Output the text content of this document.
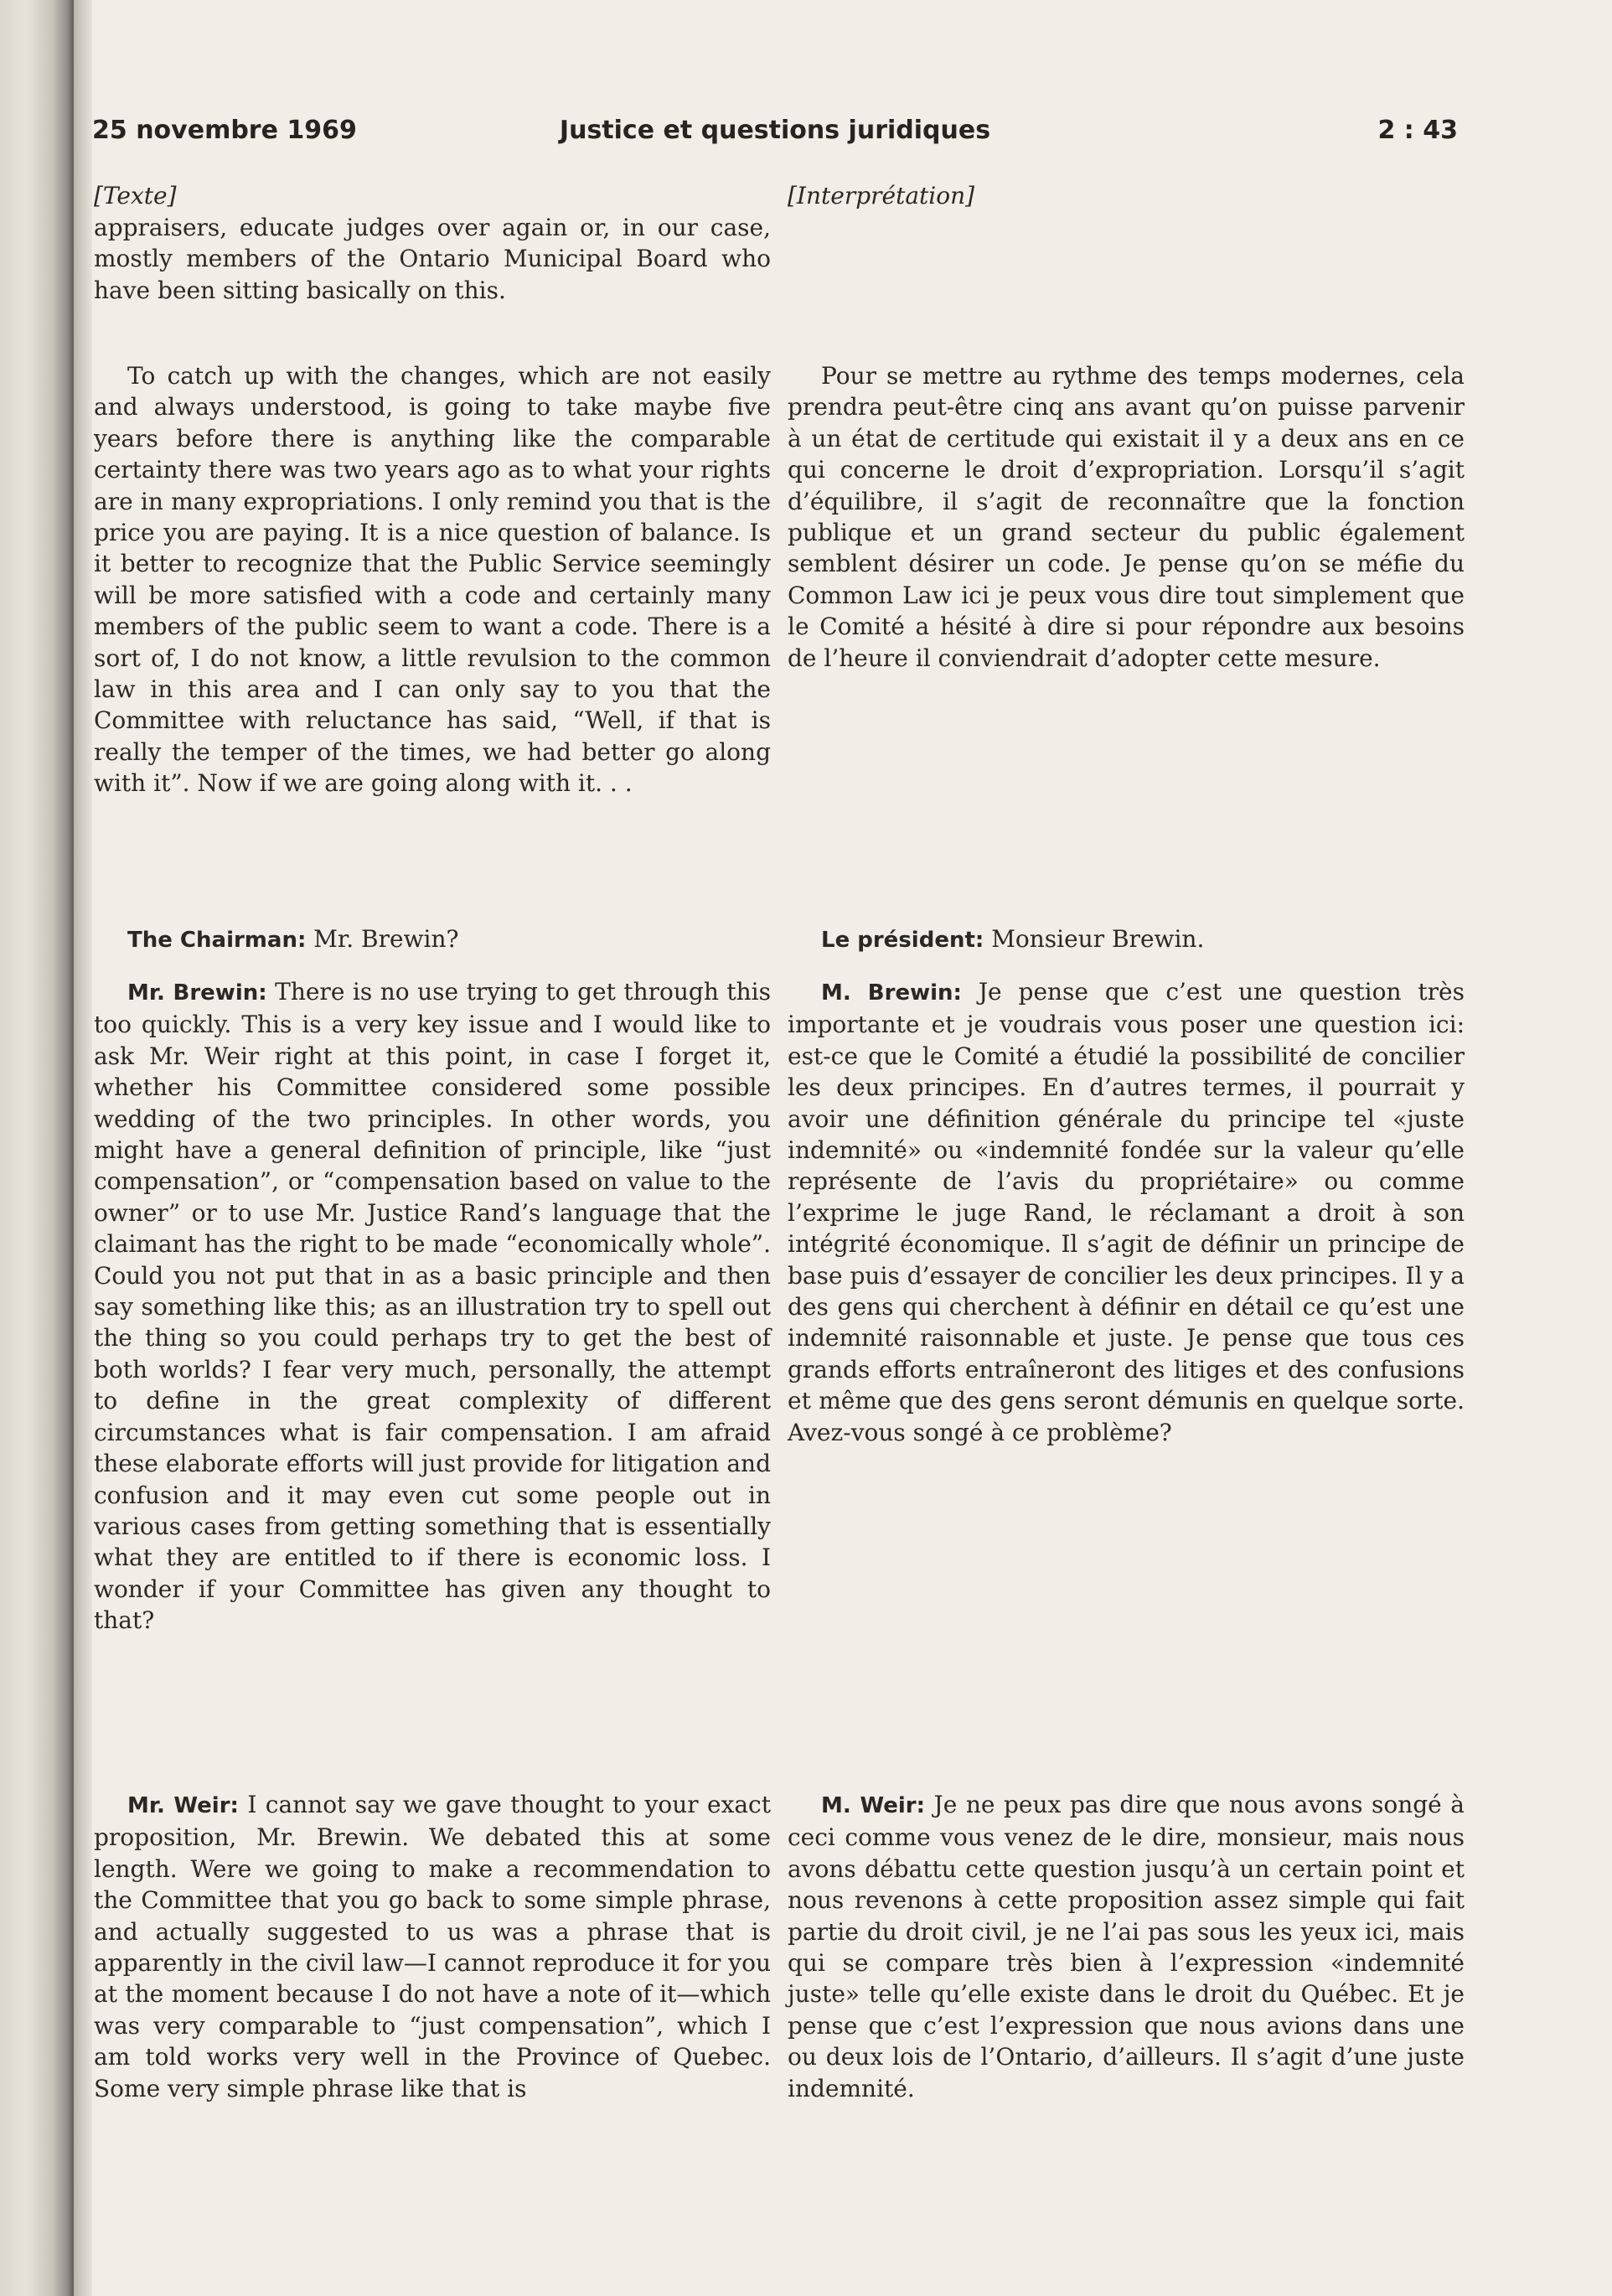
25 novembre 1969	Justice et questions juridiques	2 : 43

[Texte]

appraisers, educate judges over again or, in our case, mostly members of the Ontario Municipal Board who have been sitting basically on this.

To catch up with the changes, which are not easily and always understood, is going to take maybe five years before there is anything like the comparable certainty there was two years ago as to what your rights are in many expropriations. I only remind you that is the price you are paying. It is a nice question of balance. Is it better to recognize that the Public Service seemingly will be more satisfied with a code and certainly many members of the public seem to want a code. There is a sort of, I do not know, a little revulsion to the common law in this area and I can only say to you that the Committee with reluctance has said, “Well, if that is really the temper of the times, we had better go along with it”. Now if we are going along with it. . .

The Chairman: Mr. Brewin?

Mr. Brewin: There is no use trying to get through this too quickly. This is a very key issue and I would like to ask Mr. Weir right at this point, in case I forget it, whether his Committee considered some possible wedding of the two principles. In other words, you might have a general definition of principle, like “just compensation”, or “compensation based on value to the owner” or to use Mr. Justice Rand’s language that the claimant has the right to be made “economically whole”. Could you not put that in as a basic principle and then say something like this; as an illustration try to spell out the thing so you could perhaps try to get the best of both worlds? I fear very much, personally, the attempt to define in the great complexity of different circumstances what is fair compensation. I am afraid these elaborate efforts will just provide for litigation and confusion and it may even cut some people out in various cases from getting something that is essentially what they are entitled to if there is economic loss. I wonder if your Committee has given any thought to that?

Mr. Weir: I cannot say we gave thought to your exact proposition, Mr. Brewin. We debated this at some length. Were we going to make a recommendation to the Committee that you go back to some simple phrase, and actually suggested to us was a phrase that is apparently in the civil law—I cannot reproduce it for you at the moment because I do not have a note of it—which was very comparable to “just compensation”, which I am told works very well in the Province of Quebec. Some very simple phrase like that is

[Interprétation]

Pour se mettre au rythme des temps modernes, cela prendra peut-être cinq ans avant qu’on puisse parvenir à un état de certitude qui existait il y a deux ans en ce qui concerne le droit d’expropriation. Lorsqu’il s’agit d’équilibre, il s’agit de reconnaître que la fonction publique et un grand secteur du public également semblent désirer un code. Je pense qu’on se méfie du Common Law ici je peux vous dire tout simplement que le Comité a hésité à dire si pour répondre aux besoins de l’heure il conviendrait d’adopter cette mesure.

Le président: Monsieur Brewin.

M. Brewin: Je pense que c’est une question très importante et je voudrais vous poser une question ici: est-ce que le Comité a étudié la possibilité de concilier les deux principes. En d’autres termes, il pourrait y avoir une définition générale du principe tel «juste indemnité» ou «indemnité fondée sur la valeur qu’elle représente de l’avis du propriétaire» ou comme l’exprime le juge Rand, le réclamant a droit à son intégrité économique. Il s’agit de définir un principe de base puis d’essayer de concilier les deux principes. Il y a des gens qui cherchent à définir en détail ce qu’est une indemnité raisonnable et juste. Je pense que tous ces grands efforts entraîneront des litiges et des confusions et même que des gens seront démunis en quelque sorte. Avez-vous songé à ce problème?

M. Weir: Je ne peux pas dire que nous avons songé à ceci comme vous venez de le dire, monsieur, mais nous avons débattu cette question jusqu’à un certain point et nous revenons à cette proposition assez simple qui fait partie du droit civil, je ne l’ai pas sous les yeux ici, mais qui se compare très bien à l’expression «indemnité juste» telle qu’elle existe dans le droit du Québec. Et je pense que c’est l’expression que nous avions dans une ou deux lois de l’Ontario, d’ailleurs. Il s’agit d’une juste indemnité.
